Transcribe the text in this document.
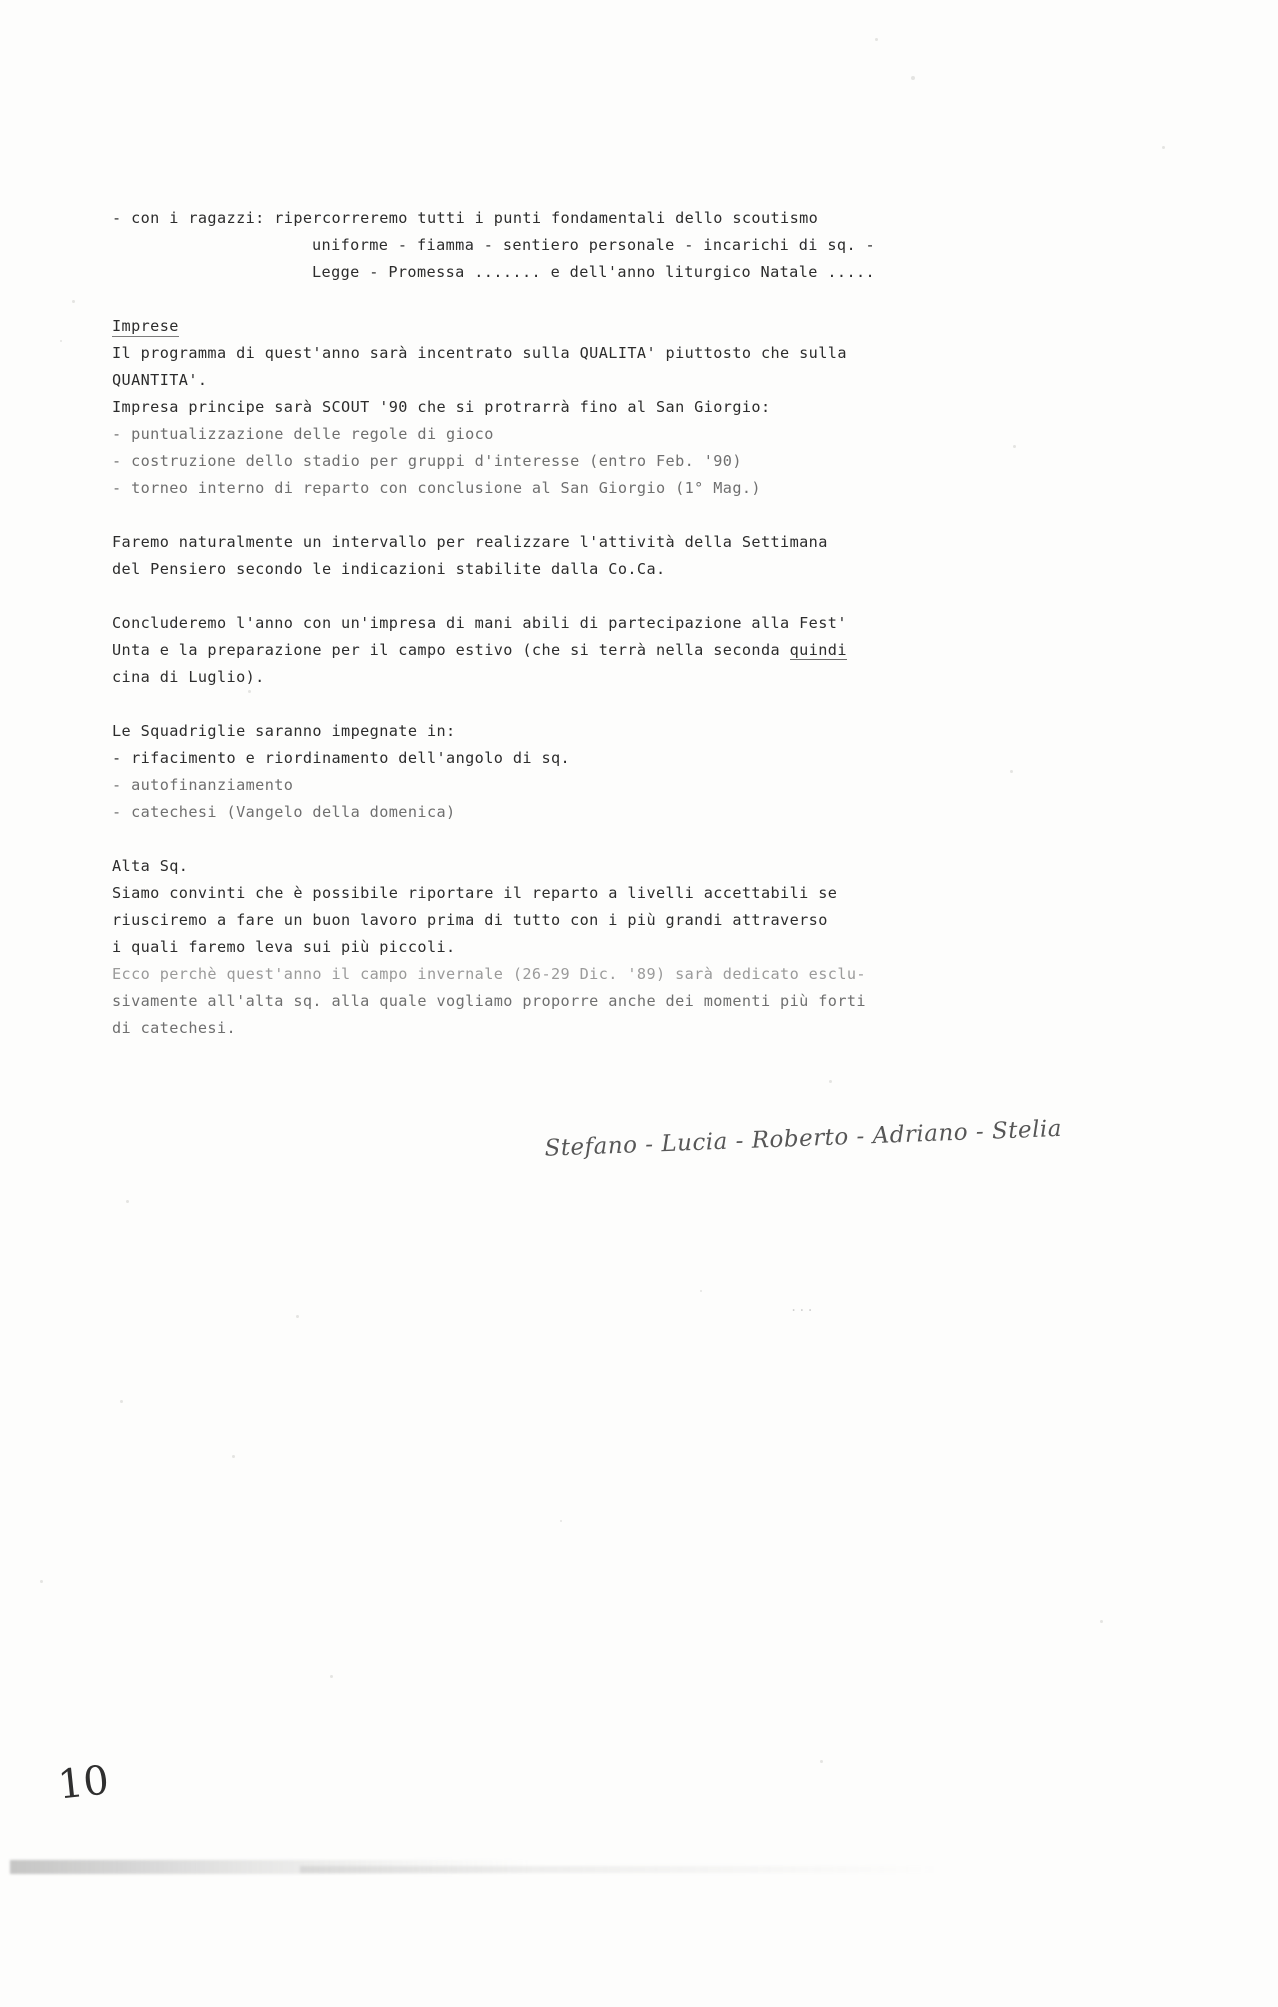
...
- con i ragazzi: ripercorreremo tutti i punti fondamentali dello scoutismo
uniforme - fiamma - sentiero personale - incarichi di sq. -
Legge - Promessa ....... e dell'anno liturgico Natale .....
Imprese
Il programma di quest'anno sarà incentrato sulla QUALITA' piuttosto che sulla
QUANTITA'.
Impresa principe sarà SCOUT '90 che si protrarrà fino al San Giorgio:
- puntualizzazione delle regole di gioco
- costruzione dello stadio per gruppi d'interesse (entro Feb. '90)
- torneo interno di reparto con conclusione al San Giorgio (1° Mag.)
Faremo naturalmente un intervallo per realizzare l'attività della Settimana
del Pensiero secondo le indicazioni stabilite dalla Co.Ca.
Concluderemo l'anno con un'impresa di mani abili di partecipazione alla Fest'
Unta e la preparazione per il campo estivo (che si terrà nella seconda quindi
cina di Luglio).
Le Squadriglie saranno impegnate in:
- rifacimento e riordinamento dell'angolo di sq.
- autofinanziamento
- catechesi (Vangelo della domenica)
Alta Sq.
Siamo convinti che è possibile riportare il reparto a livelli accettabili se
riusciremo a fare un buon lavoro prima di tutto con i più grandi attraverso
i quali faremo leva sui più piccoli.
Ecco perchè quest'anno il campo invernale (26-29 Dic. '89) sarà dedicato esclu-
sivamente all'alta sq. alla quale vogliamo proporre anche dei momenti più forti
di catechesi.
Stefano - Lucia - Roberto - Adriano - Stelia
10
